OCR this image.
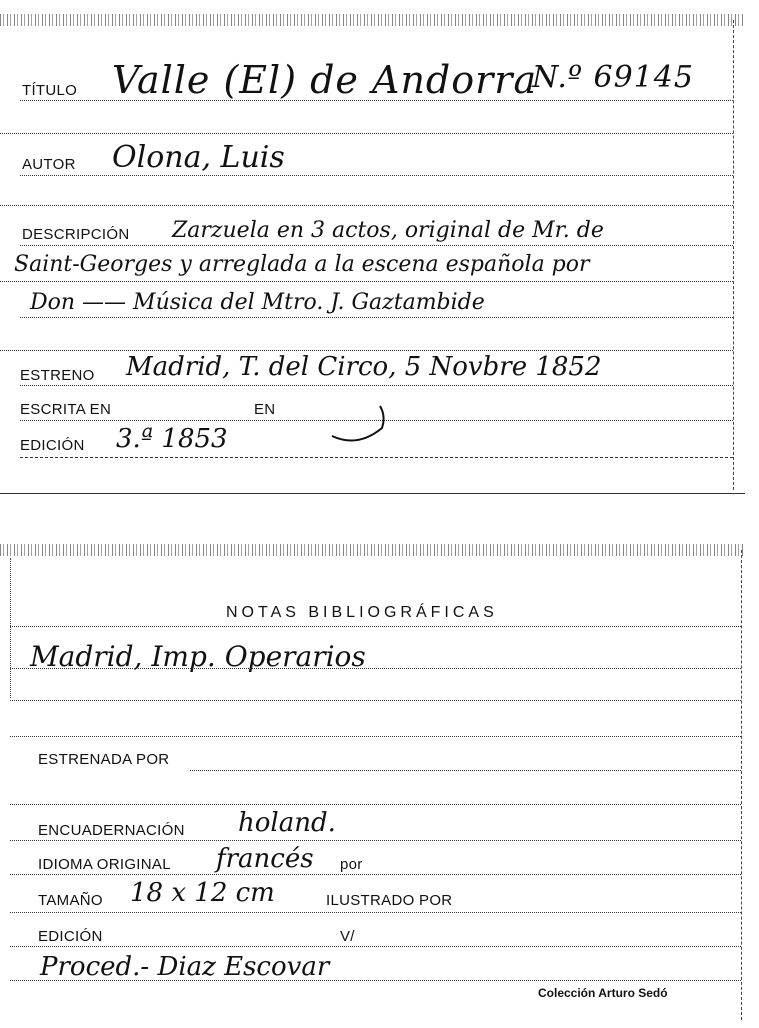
TÍTULO Valle (El) de Andorra
N.º 69145
AUTOR Olona, Luis
DESCRIPCIÓN Zarzuela en 3 actos, original de Mr. de
Saint-Georges y arreglada a la escena española por
Don —— Música del Mtro. J. Gaztambide
ESTRENO Madrid, T. del Circo, 5 Novbre 1852
ESCRITA EN	EN
EDICIÓN 3.ª 1853
NOTAS BIBLIOGRÁFICAS
Madrid, Imp. Operarios
ESTRENADA POR
ENCUADERNACIÓN holand.
IDIOMA ORIGINAL francés por
TAMAÑO 18 x 12 cm	ILUSTRADO POR
EDICIÓN	V/
Proced.- Diaz Escovar
Colección Arturo Sedó
